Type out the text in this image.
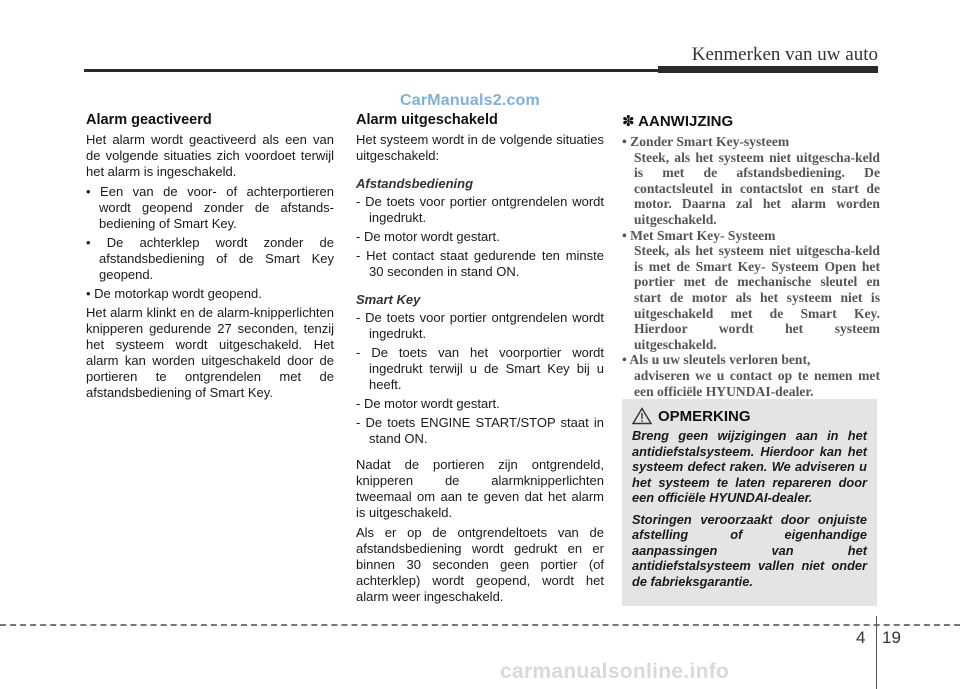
Kenmerken van uw auto
CarManuals2.com
Alarm geactiveerd

Het alarm wordt geactiveerd als een van de volgende situaties zich voordoet terwijl het alarm is ingeschakeld.

• Een van de voor- of achterportieren wordt geopend zonder de afstands-bediening of Smart Key.
• De achterklep wordt zonder de afstandsbediening of de Smart Key geopend.
• De motorkap wordt geopend.

Het alarm klinkt en de alarm-knipperlichten knipperen gedurende 27 seconden, tenzij het systeem wordt uitgeschakeld. Het alarm kan worden uitgeschakeld door de portieren te ontgrendelen met de afstandsbediening of Smart Key.

Alarm uitgeschakeld

Het systeem wordt in de volgende situaties uitgeschakeld:

Afstandsbediening
- De toets voor portier ontgrendelen wordt ingedrukt.
- De motor wordt gestart.
- Het contact staat gedurende ten minste 30 seconden in stand ON.
Smart Key
- De toets voor portier ontgrendelen wordt ingedrukt.
- De toets van het voorportier wordt ingedrukt terwijl u de Smart Key bij u heeft.
- De motor wordt gestart.
- De toets ENGINE START/STOP staat in stand ON.

Nadat de portieren zijn ontgrendeld, knipperen de alarmknipperlichten tweemaal om aan te geven dat het alarm is uitgeschakeld.

Als er op de ontgrendeltoets van de afstandsbediening wordt gedrukt en er binnen 30 seconden geen portier (of achterklep) wordt geopend, wordt het alarm weer ingeschakeld.

✽ AANWIJZING
• Zonder Smart Key-systeem
Steek, als het systeem niet uitgescha-keld is met de afstandsbediening. De contactsleutel in contactslot en start de motor. Daarna zal het alarm worden uitgeschakeld.
• Met Smart Key- Systeem
Steek, als het systeem niet uitgescha-keld is met de Smart Key- Systeem Open het portier met de mechanische sleutel en start de motor als het systeem niet is uitgeschakeld met de Smart Key. Hierdoor wordt het systeem uitgeschakeld.
• Als u uw sleutels verloren bent,
adviseren we u contact op te nemen met een officiële HYUNDAI-dealer.
OPMERKING

Breng geen wijzigingen aan in het antidiefstalsysteem. Hierdoor kan het systeem defect raken. We adviseren u het systeem te laten repareren door een officiële HYUNDAI-dealer.

Storingen veroorzaakt door onjuiste afstelling of eigenhandige aanpassingen van het antidiefstalsysteem vallen niet onder de fabrieksgarantie.

4 19
carmanualsonline.info
